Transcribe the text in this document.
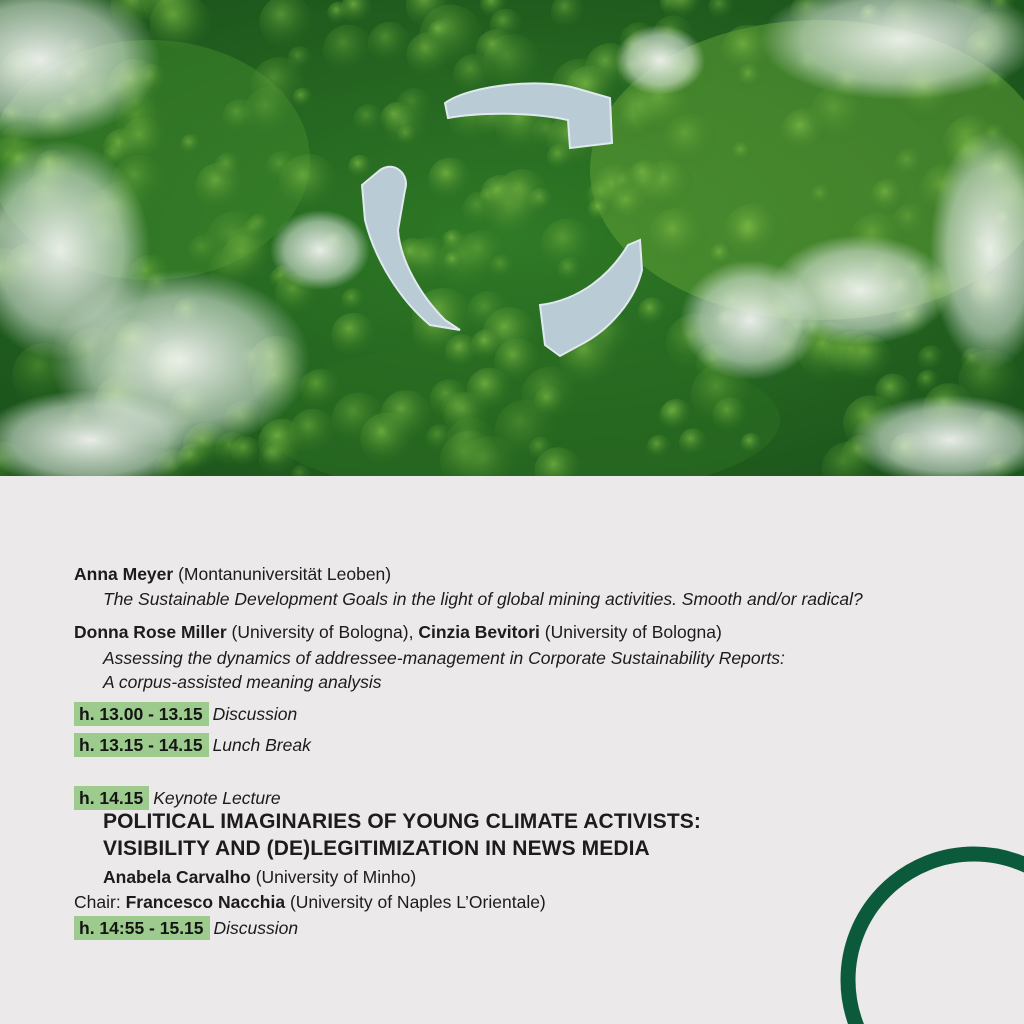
Anna Meyer (Montanuniversität Leoben)
The Sustainable Development Goals in the light of global mining activities. Smooth and/or radical?
Donna Rose Miller (University of Bologna), Cinzia Bevitori (University of Bologna)
Assessing the dynamics of addressee-management in Corporate Sustainability Reports:
A corpus-assisted meaning analysis
h. 13.00 - 13.15 Discussion
h. 13.15 - 14.15 Lunch Break
h. 14.15 Keynote Lecture
POLITICAL IMAGINARIES OF YOUNG CLIMATE ACTIVISTS:
VISIBILITY AND (DE)LEGITIMIZATION IN NEWS MEDIA
Anabela Carvalho (University of Minho)
Chair: Francesco Nacchia (University of Naples L’Orientale)
h. 14:55 - 15.15 Discussion
